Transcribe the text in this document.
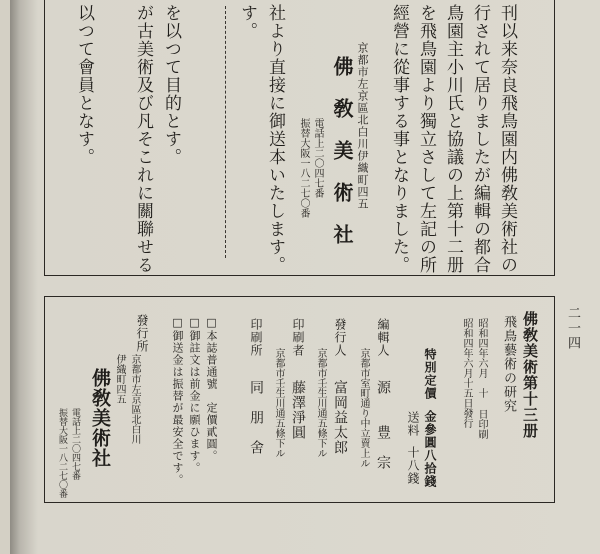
刊以来奈良飛鳥園内佛敎美術社の
行されて居りましたが編輯の都合
鳥園主小川氏と協議の上第十二册
を飛鳥園より獨立さして左記の所
經營に從事する事となりました。
京都市左京區北白川伊織町四五
佛　敎　美　術　社
電話上二〇四七番
振替大阪一八二七〇番
社より直接に御送本いたします。
す。
を以つて目的とす。
が古美術及び凡そこれに關聯せる
以つて會員となす。
佛敎美術第十三册
飛鳥藝術の研究
昭和四年六月　十 日印刷
昭和四年六月十五日發行
特別定價
金參圓八拾錢
送料
十八錢
編輯人
源　　豊　宗
京都市室町通り中立賣上ル
發行人
富岡益太郎
京都市壬生川通五條下ル
印刷者
藤澤淨圓
京都市壬生川通五條下ル
印刷所
同　朋　舍
□本誌普通號　定價貳圓。
□御註文は前金に願ひます。
□御送金は振替が最安全です。
發行所
京都市左京區北白川
伊織町四五
佛敎美術社
電話上二〇四七番
振替大阪一八二七〇番
二一四
